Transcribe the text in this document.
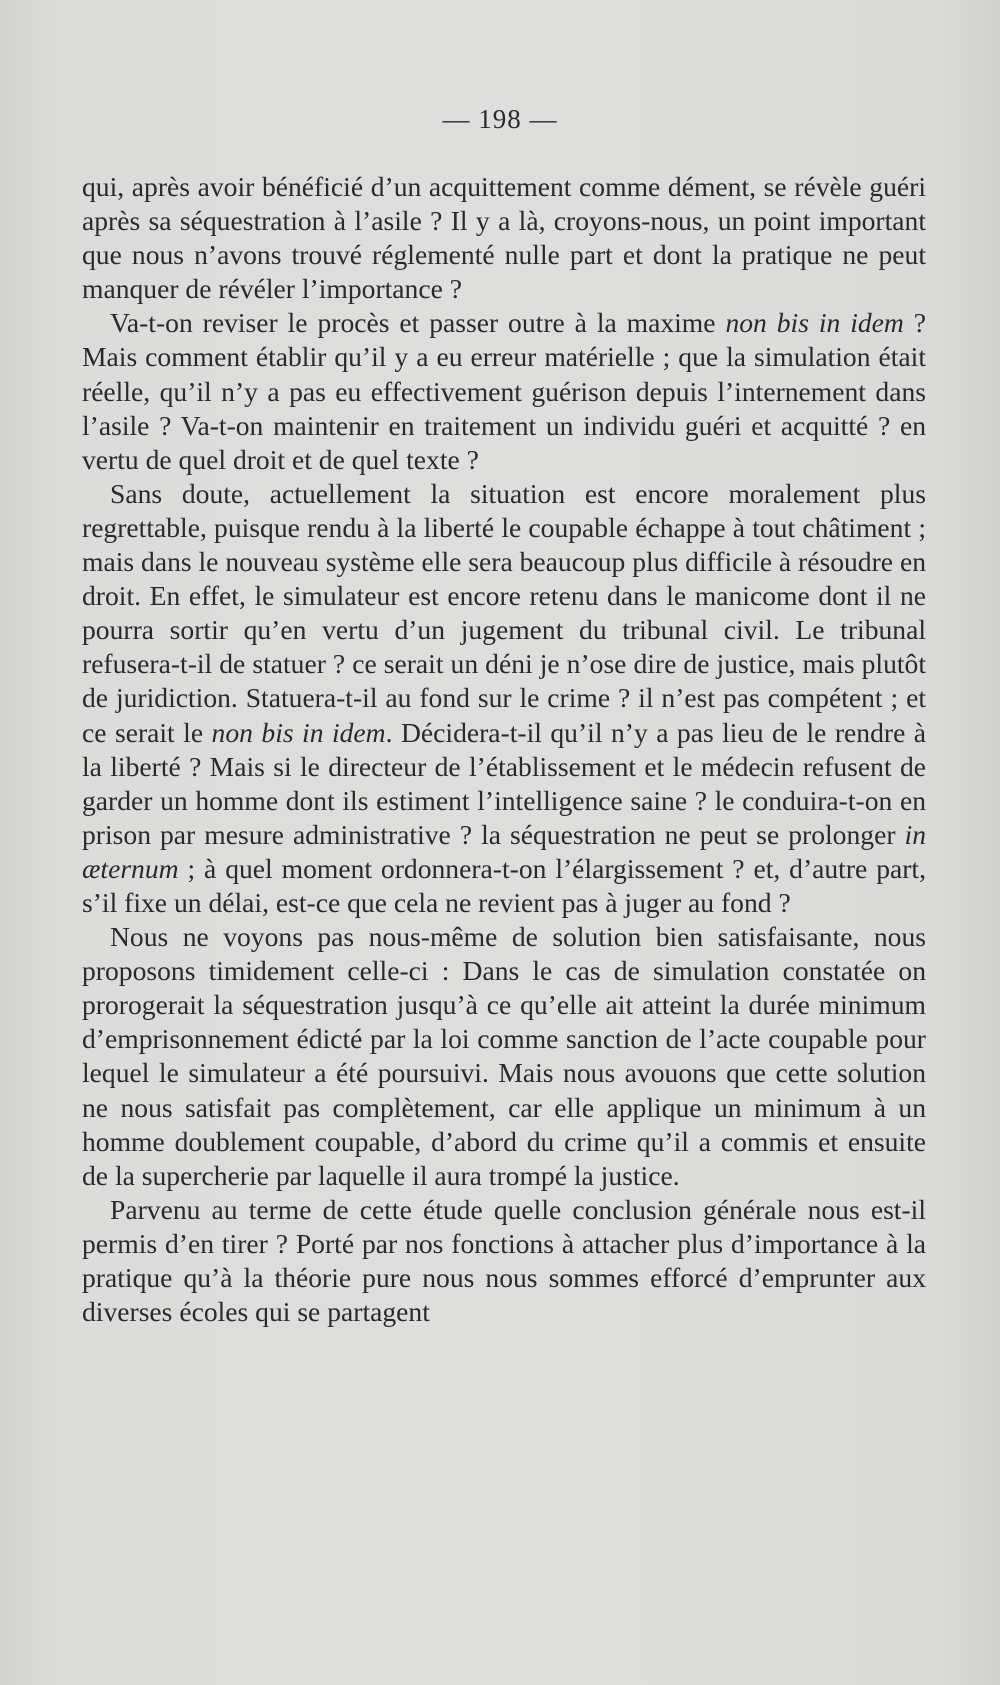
— 198 —

qui, après avoir bénéficié d’un acquittement comme dément, se révèle guéri après sa séquestration à l’asile ? Il y a là, croyons-nous, un point important que nous n’avons trouvé réglementé nulle part et dont la pratique ne peut manquer de révéler l’importance ?

Va-t-on reviser le procès et passer outre à la maxime non bis in idem ? Mais comment établir qu’il y a eu erreur matérielle ; que la simulation était réelle, qu’il n’y a pas eu effectivement guérison depuis l’internement dans l’asile ? Va-t-on maintenir en traitement un individu guéri et acquitté ? en vertu de quel droit et de quel texte ?

Sans doute, actuellement la situation est encore moralement plus regrettable, puisque rendu à la liberté le coupable échappe à tout châtiment ; mais dans le nouveau système elle sera beaucoup plus difficile à résoudre en droit. En effet, le simulateur est encore retenu dans le manicome dont il ne pourra sortir qu’en vertu d’un jugement du tribunal civil. Le tribunal refusera-t-il de statuer ? ce serait un déni je n’ose dire de justice, mais plutôt de juridiction. Statuera-t-il au fond sur le crime ? il n’est pas compétent ; et ce serait le non bis in idem. Décidera-t-il qu’il n’y a pas lieu de le rendre à la liberté ? Mais si le directeur de l’établissement et le médecin refusent de garder un homme dont ils estiment l’intelligence saine ? le conduira-t-on en prison par mesure administrative ? la séquestration ne peut se prolonger in æternum ; à quel moment ordonnera-t-on l’élargissement ? et, d’autre part, s’il fixe un délai, est-ce que cela ne revient pas à juger au fond ?

Nous ne voyons pas nous-même de solution bien satisfaisante, nous proposons timidement celle-ci : Dans le cas de simulation constatée on prorogerait la séquestration jusqu’à ce qu’elle ait atteint la durée minimum d’emprisonnement édicté par la loi comme sanction de l’acte coupable pour lequel le simulateur a été poursuivi. Mais nous avouons que cette solution ne nous satisfait pas complètement, car elle applique un minimum à un homme doublement coupable, d’abord du crime qu’il a commis et ensuite de la supercherie par laquelle il aura trompé la justice.

Parvenu au terme de cette étude quelle conclusion générale nous est-il permis d’en tirer ? Porté par nos fonctions à attacher plus d’importance à la pratique qu’à la théorie pure nous nous sommes efforcé d’emprunter aux diverses écoles qui se partagent
